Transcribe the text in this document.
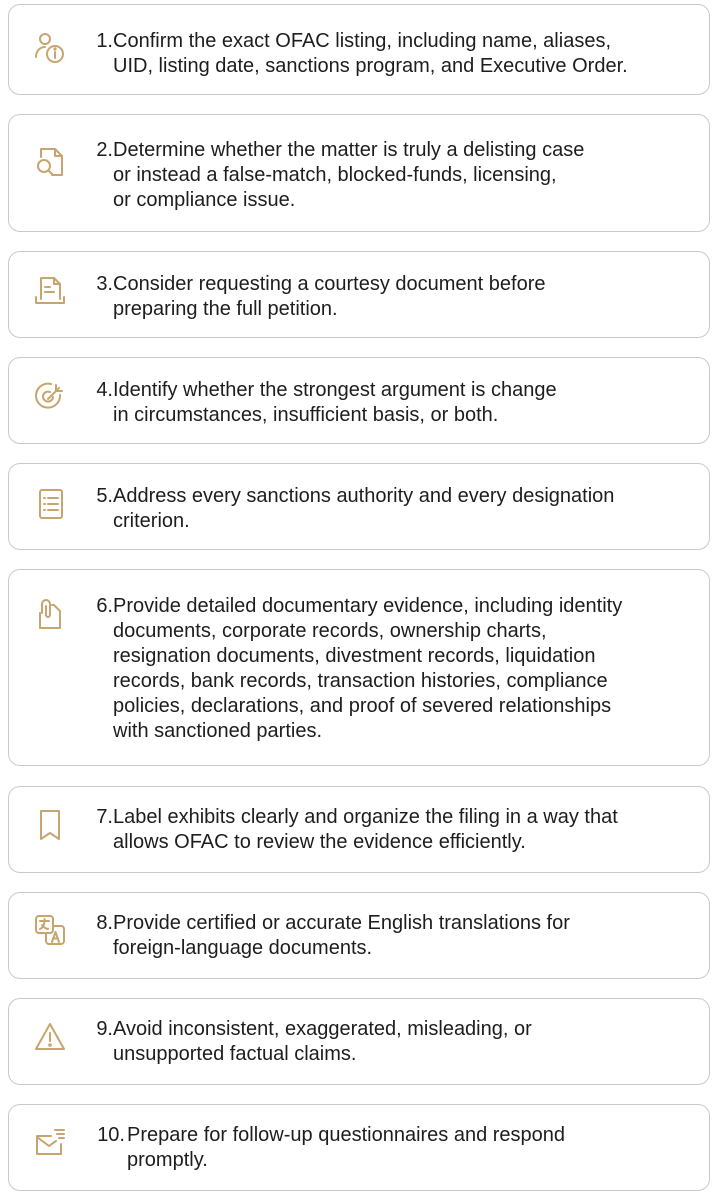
1. Confirm the exact OFAC listing, including name, aliases,
UID, listing date, sanctions program, and Executive Order.
2. Determine whether the matter is truly a delisting case
or instead a false-match, blocked-funds, licensing,
or compliance issue.
3. Consider requesting a courtesy document before
preparing the full petition.
4. Identify whether the strongest argument is change
in circumstances, insufficient basis, or both.
5. Address every sanctions authority and every designation
criterion.
6. Provide detailed documentary evidence, including identity
documents, corporate records, ownership charts,
resignation documents, divestment records, liquidation
records, bank records, transaction histories, compliance
policies, declarations, and proof of severed relationships
with sanctioned parties.
7. Label exhibits clearly and organize the filing in a way that
allows OFAC to review the evidence efficiently.
8. Provide certified or accurate English translations for
foreign-language documents.
9. Avoid inconsistent, exaggerated, misleading, or
unsupported factual claims.
10. Prepare for follow-up questionnaires and respond
promptly.
